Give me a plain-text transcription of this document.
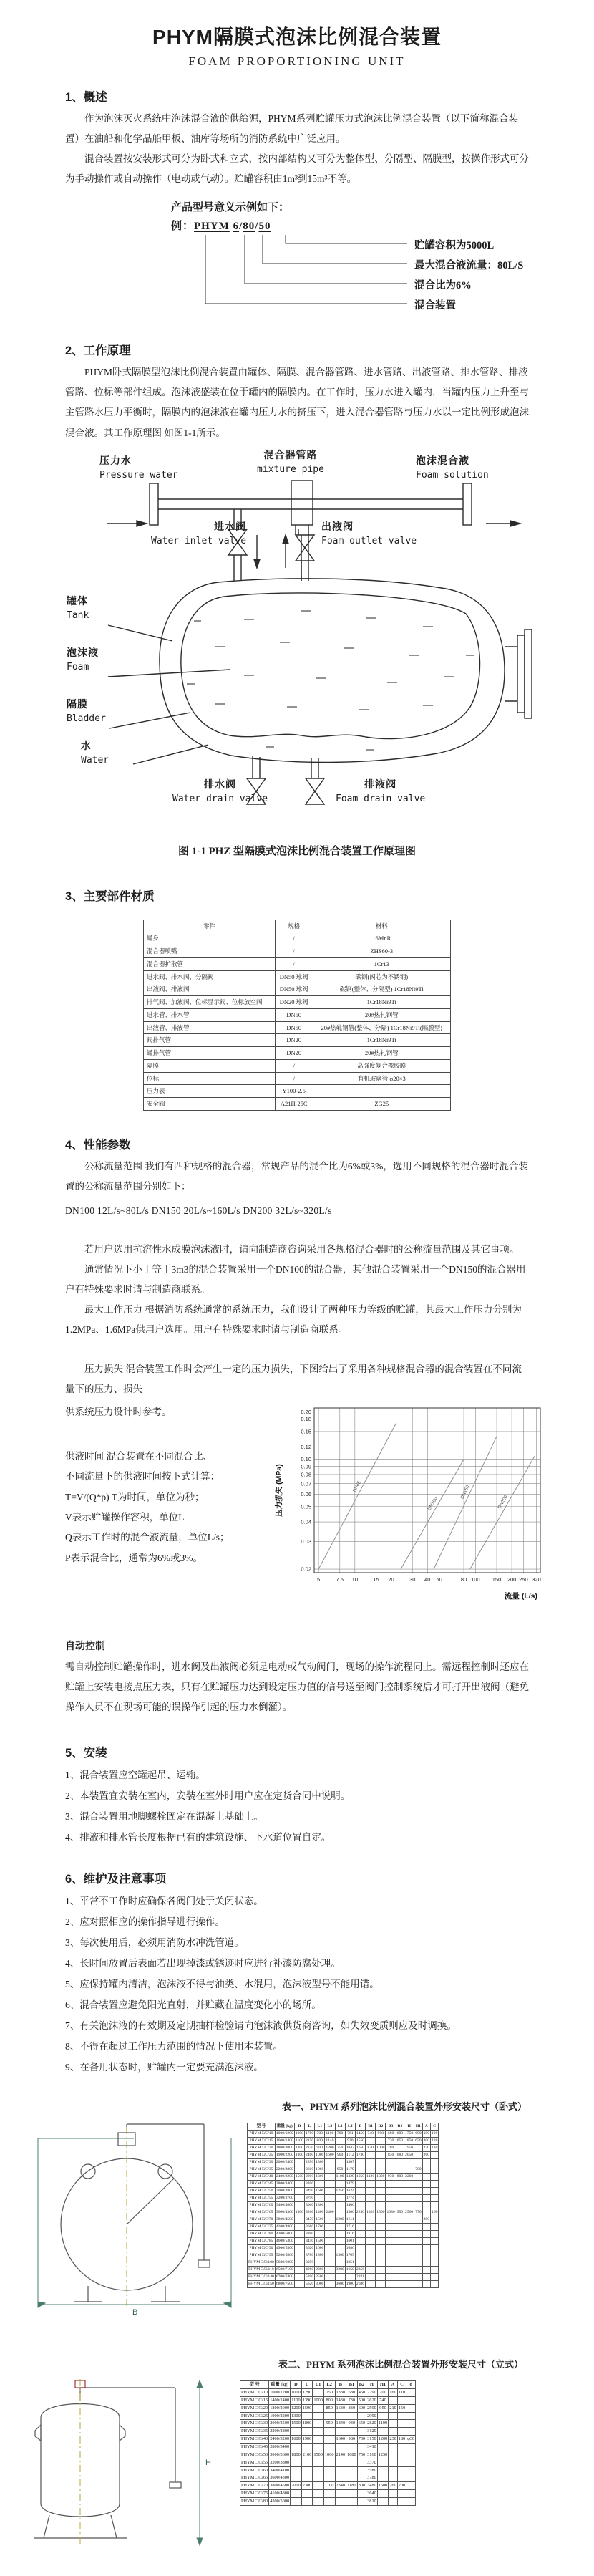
PHYM隔膜式泡沫比例混合装置
FOAM PROPORTIONING UNIT
1、概述

作为泡沫灭火系统中泡沫混合液的供给源，PHYM系列贮罐压力式泡沫比例混合装置（以下简称混合装置）在油船和化学品船甲板、油库等场所的消防系统中广泛应用。

混合装置按安装形式可分为卧式和立式，按内部结构又可分为整体型、分隔型、隔膜型，按操作形式可分为手动操作或自动操作（电动或气动）。贮罐容积由1m³到15m³不等。

产品型号意义示例如下：
例：PHYM 6/80/50
贮罐容积为5000L
最大混合液流量：80L/S
混合比为6%
混合装置
2、工作原理

PHYM卧式隔膜型泡沫比例混合装置由罐体、隔膜、混合器管路、进水管路、出液管路、排水管路、排液管路、位标等部件组成。泡沫液盛装在位于罐内的隔膜内。在工作时，压力水进入罐内，当罐内压力上升至与主管路水压力平衡时，隔膜内的泡沫液在罐内压力水的挤压下，进入混合器管路与压力水以一定比例形成泡沫混合液。其工作原理图 如图1-1所示。

压力水
Pressure water
混合器管路
mixture pipe
泡沫混合液
Foam solution
进水阀
Water inlet valve
出液阀
Foam outlet valve
罐体
Tank
泡沫液
Foam
隔膜
Bladder
水
Water
排水阀
Water drain valve
排液阀
Foam drain valve

图 1-1 PHZ 型隔膜式泡沫比例混合装置工作原理图

3、主要部件材质
零件	规格	材料
罐身	/	16MnR
混合器喷嘴	/	ZHS60-3
混合器扩散管	/	1Cr13
进水阀、排水阀、分隔阀	DN50 球阀	碳钢(阀芯为不锈钢)
出液阀、排液阀	DN50 球阀	碳钢(整体、分隔型) 1Cr18Ni9Ti
排气阀、加液阀、位标显示阀、位标放空阀	DN20 球阀	1Cr18Ni9Ti
进水管、排水管	DN50	20#热轧钢管
出液管、排液管	DN50	20#热轧钢管(整体、分隔) 1Cr18Ni9Ti(隔膜型)
阀排气管	DN20	1Cr18Ni9Ti
罐排气管	DN20	20#热轧钢管
隔膜	/	高强度复合橡胶膜
位标	/	有机玻璃管 φ20×3
压力表	Y100-2.5	
安全阀	A21H-25C	ZG25
4、性能参数

公称流量范围 我们有四种规格的混合器，常规产品的混合比为6%或3%，选用不同规格的混合器时混合装置的公称流量范围分别如下：

DN100 12L/s~80L/s DN150 20L/s~160L/s DN200 32L/s~320L/s

若用户选用抗溶性水成膜泡沫液时，请向制造商咨询采用各规格混合器时的公称流量范围及其它事项。

通常情况下小于等于3m3的混合装置采用一个DN100的混合器，其他混合装置采用一个DN150的混合器用户有特殊要求时请与制造商联系。

最大工作压力 根据消防系统通常的系统压力，我们设计了两种压力等级的贮罐，其最大工作压力分别为1.2MPa、1.6MPa供用户选用。用户有特殊要求时请与制造商联系。

压力损失 混合装置工作时会产生一定的压力损失，下图给出了采用各种规格混合器的混合装置在不同流量下的压力、损失

供系统压力设计时参考。
供液时间 混合装置在不同混合比、
不同流量下的供液时间按下式计算：
T=V/(Q*p) T为时间，单位为秒；
V表示贮罐操作容积，单位L
Q表示工作时的混合液流量，单位L/s；
P表示混合比，通常为6%或3%。
5	7.5 10	15 20	30 40 50	80 100 150 200 250 320
0.02
0.03
0.04
0.05
0.06
0.07
0.08
0.09
0.10
0.12
0.15
0.18
0.20
DN65
DN100
DN150
DN200
压力损失 (MPa)
流量 (L/s)
自动控制

需自动控制贮罐操作时，进水阀及出液阀必须是电动或气动阀门，现场的操作流程同上。需远程控制时还应在贮罐上安装电接点压力表，只有在贮罐压力达到设定压力值的信号送至阀门控制系统后才可打开出液阀（避免操作人员不在现场可能的误操作引起的压力水倒灌）。

5、安装
1、混合装置应空罐起吊、运输。
2、本装置宜安装在室内，安装在室外时用户应在定货合同中说明。
3、混合装置用地脚螺栓固定在混凝土基础上。
4、排液和排水管长度根据已有的建筑设施、下水道位置自定。
6、维护及注意事项
1、平常不工作时应确保各阀门处于关闭状态。
2、应对照相应的操作指导进行操作。
3、每次使用后，必须用消防水冲洗管道。
4、长时间放置后表面若出现掉漆或锈迹时应进行补漆防腐处理。
5、应保持罐内清洁，泡沫液不得与油类、水混用，泡沫液型号不能用错。
6、混合装置应避免阳光直射，并贮藏在温度变化小的场所。
7、有关泡沫液的有效期及定期抽样检验请向泡沫液供货商咨询，如失效变质则应及时调换。
8、不得在超过工作压力范围的情况下使用本装置。
9、在备用状态时，贮罐内一定要充满泡沫液。
表一、PHYM 系列泡沫比例混合装置外形安装尺寸（卧式）
B
型 号	重量 (kg)	D	L	L1	L2	L3	L4	B	B1	B2	B3	B4	H	H1	A	C
PHYM □/□/10	1000/1200	1000	1760	700	1100	700	761	1450	740	900	680	600	1750	600	180	100
PHYM □/□/15	1600/1400	1100	2150	800	1140		930	1550			730	650	1850	650	200	120
PHYM □/□/20	1800/2000	1200	2320	900	1200	750	1042	1650	820	1000	780		1950		230	130
PHYM □/□/25	1900/2200	1300	2460	1000	1600	900	1112	1730			830	680	2050		260	
PHYM □/□/30	2000/2400		2850	1300			1307									
PHYM □/□/35	2200/2800		2600	1060		950	1179							700		
PHYM □/□/40	2400/3200	1500	2900	1300		1100	1329	1950	1120	1300	930	800	2260			
PHYM □/□/45	2800/3400		3200				1479									
PHYM □/□/50	3000/3800		3490	1600		1250	1624									
PHYM □/□/55	3200/3700		3790				1774									
PHYM □/□/60	3400/4000		3060	1300			1406									
PHYM □/□/65	3600/4300	1800	3260	1400	2400		1506	2250	1320	1500	1080	950	2560	770		160
PHYM □/□/70	3800/4500		3470	1500		1200	1611								280	
PHYM □/□/75	4100/4800		3680	1700			1716									
PHYM □/□/80	4300/5000		3880				1816									
PHYM □/□/85	4600/5300		3450	1500			1601									
PHYM □/□/90	4900/5500		3620	1600			1686									
PHYM □/□/95	5200/5800		3780	1800		1500	1765									
PHYM □/□/100	5600/6000		3950				1851									
PHYM □/□/110	6500/7100		4960	2300		3200	1650	2356								
PHYM □/□/140	6700/7400		5200	2500				2821								
PHYM □/□/150	6800/7500		5620	3000		3600	1900	2686								
表二、PHYM 系列泡沫比例混合装置外形安装尺寸（立式）
H
型 号	重量 (kg)	D	L	L1	L2	B	B1	B2	H	H1	A	C	d
PHYM □/□/10	1000/1200	1000	1290		750	1330	680	450	2290	700	160	110	
PHYM □/□/15	1400/1400	1100	1390	1000	800	1430	730	500	2620	740			
PHYM □/□/20	1800/2000	1200	1590		850	1630	830	600	2590	950	210	150	
PHYM □/□/25	1900/2200	1300							2990				
PHYM □/□/30	2000/2500	1500	1800		950	1840	930	650	2820	1100			
PHYM □/□/35	2200/2800								3120				
PHYM □/□/40	2400/3200	1600	1900			1640	980	700	3150	1200	230	180	φ30
PHYM □/□/45	2800/3400								3410				
PHYM □/□/50	3000/3600	1800	2100	1500	1000	2140	1080	750	3160	1250			
PHYM □/□/55	3200/3800								3370				
PHYM □/□/60	3400/4100								3580				
PHYM □/□/65	3600/4300								3780				
PHYM □/□/70	3800/4500	2000	2300		1100	2340	1180	800	3480	1500	260	200	
PHYM □/□/75	4100/4800								3640				
PHYM □/□/80	4300/5000								3810				
